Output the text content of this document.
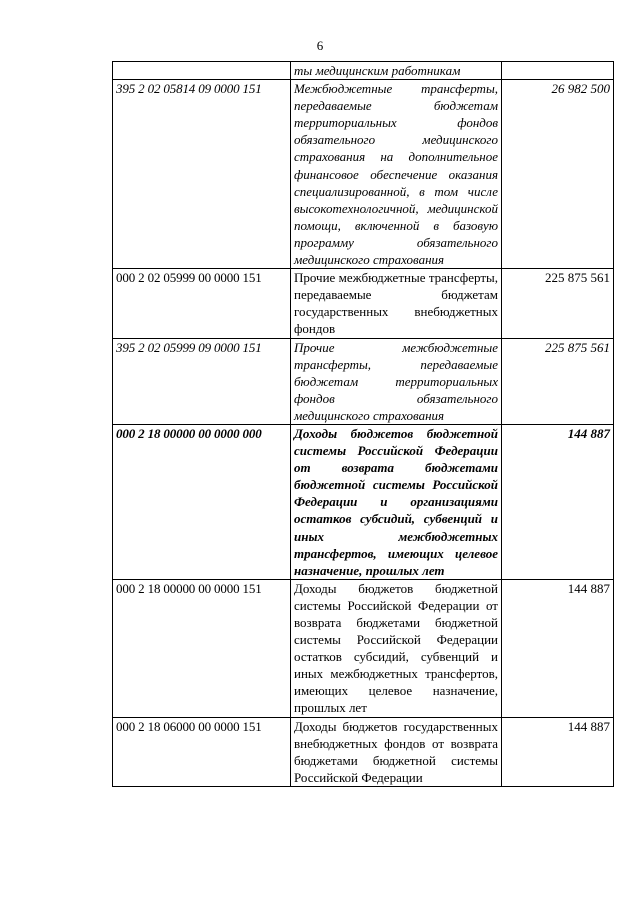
6
	ты медицинским работникам	
395 2 02 05814 09 0000 151	Межбюджетные трансферты, передаваемые бюджетам территориальных фондов обязательного медицинского страхования на дополнительное финансовое обеспечение оказания специализированной, в том числе высокотехнологичной, медицинской помощи, включенной в базовую программу обязательного медицинского страхования	26 982 500
000 2 02 05999 00 0000 151	Прочие межбюджетные трансферты, передаваемые бюджетам государственных внебюджетных фондов	225 875 561
395 2 02 05999 09 0000 151	Прочие межбюджетные трансферты, передаваемые бюджетам территориальных фондов обязательного медицинского страхования	225 875 561
000 2 18 00000 00 0000 000	Доходы бюджетов бюджетной системы Российской Федерации от возврата бюджетами бюджетной системы Российской Федерации и организациями остатков субсидий, субвенций и иных межбюджетных трансфертов, имеющих целевое назначение, прошлых лет	144 887
000 2 18 00000 00 0000 151	Доходы бюджетов бюджетной системы Российской Федерации от возврата бюджетами бюджетной системы Российской Федерации остатков субсидий, субвенций и иных межбюджетных трансфертов, имеющих целевое назначение, прошлых лет	144 887
000 2 18 06000 00 0000 151	Доходы бюджетов государственных внебюджетных фондов от возврата бюджетами бюджетной системы Российской Федерации	144 887
